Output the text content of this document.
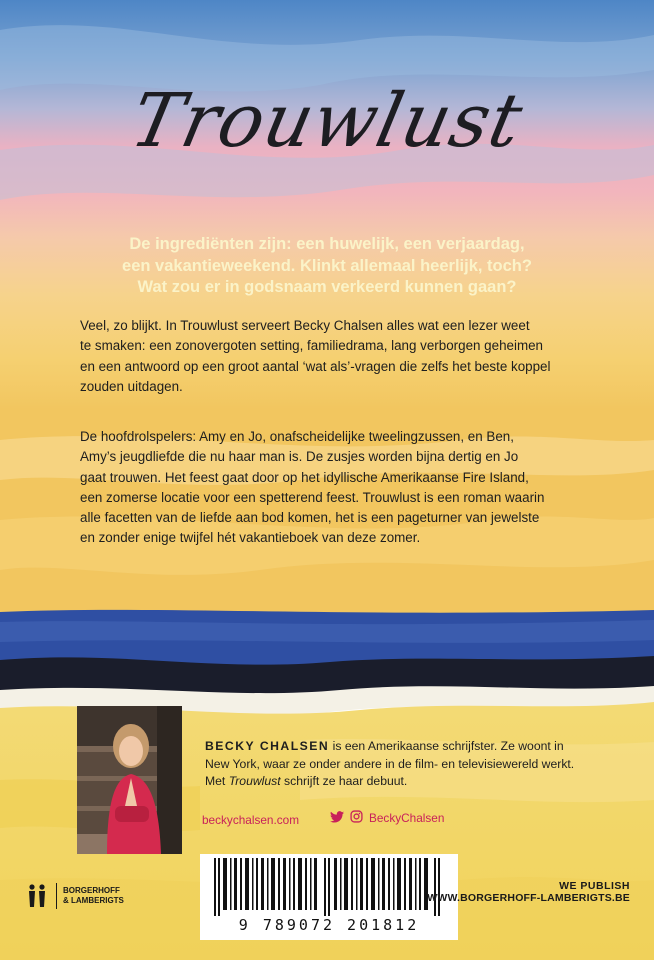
Trouwlust
De ingrediënten zijn: een huwelijk, een verjaardag,
een vakantieweekend. Klinkt allemaal heerlijk, toch?
Wat zou er in godsnaam verkeerd kunnen gaan?
Veel, zo blijkt. In Trouwlust serveert Becky Chalsen alles wat een lezer weet
te smaken: een zonovergoten setting, familiedrama, lang verborgen geheimen
en een antwoord op een groot aantal ‘wat als’-vragen die zelfs het beste koppel
zouden uitdagen.
De hoofdrolspelers: Amy en Jo, onafscheidelijke tweelingzussen, en Ben,
Amy’s jeugdliefde die nu haar man is. De zusjes worden bijna dertig en Jo
gaat trouwen. Het feest gaat door op het idyllische Amerikaanse Fire Island,
een zomerse locatie voor een spetterend feest. Trouwlust is een roman waarin
alle facetten van de liefde aan bod komen, het is een pageturner van jewelste
en zonder enige twijfel hét vakantieboek van deze zomer.
BECKY CHALSEN is een Amerikaanse schrijfster. Ze woont in
New York, waar ze onder andere in de film- en televisiewereld werkt.
Met Trouwlust schrijft ze haar debuut.
beckychalsen.com	BeckyChalsen
9 789072 201812
BORGERHOFF
& LAMBERIGTS
WE PUBLISH
WWW.BORGERHOFF-LAMBERIGTS.BE
